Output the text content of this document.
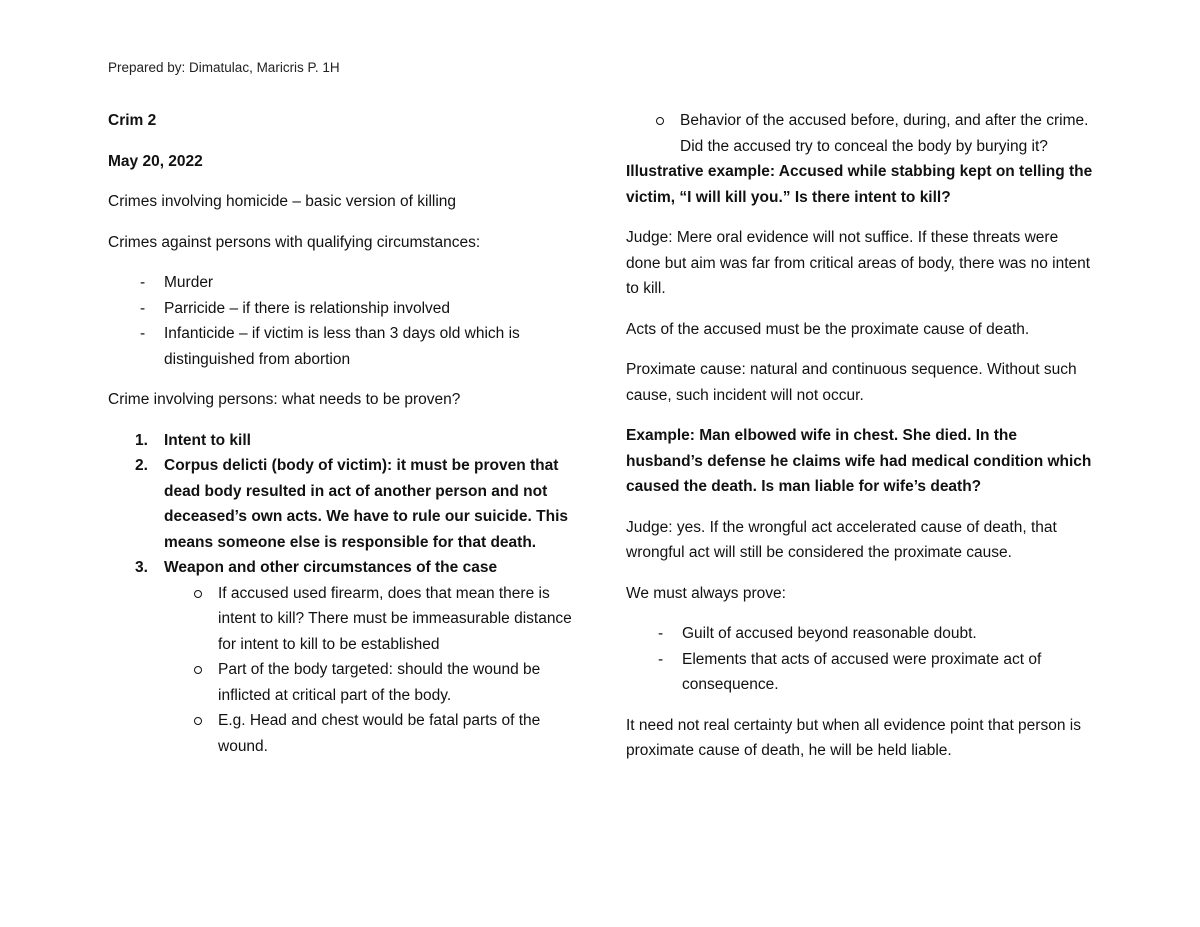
Prepared by: Dimatulac, Maricris P. 1H

Crim 2

May 20, 2022

Crimes involving homicide – basic version of killing

Crimes against persons with qualifying circumstances:

- Murder
- Parricide – if there is relationship involved
- Infanticide – if victim is less than 3 days old which is distinguished from abortion

Crime involving persons: what needs to be proven?

1. Intent to kill
2. Corpus delicti (body of victim): it must be proven that dead body resulted in act of another person and not deceased’s own acts. We have to rule our suicide. This means someone else is responsible for that death.
3. Weapon and other circumstances of the case
If accused used firearm, does that mean there is intent to kill? There must be immeasurable distance for intent to kill to be established
Part of the body targeted: should the wound be inflicted at critical part of the body.
E.g. Head and chest would be fatal parts of the wound.
Behavior of the accused before, during, and after the crime. Did the accused try to conceal the body by burying it?

Illustrative example: Accused while stabbing kept on telling the victim, “I will kill you.” Is there intent to kill?

Judge: Mere oral evidence will not suffice. If these threats were done but aim was far from critical areas of body, there was no intent to kill.

Acts of the accused must be the proximate cause of death.

Proximate cause: natural and continuous sequence. Without such cause, such incident will not occur.

Example: Man elbowed wife in chest. She died. In the husband’s defense he claims wife had medical condition which caused the death. Is man liable for wife’s death?

Judge: yes. If the wrongful act accelerated cause of death, that wrongful act will still be considered the proximate cause.

We must always prove:

- Guilt of accused beyond reasonable doubt.
- Elements that acts of accused were proximate act of consequence.

It need not real certainty but when all evidence point that person is proximate cause of death, he will be held liable.
